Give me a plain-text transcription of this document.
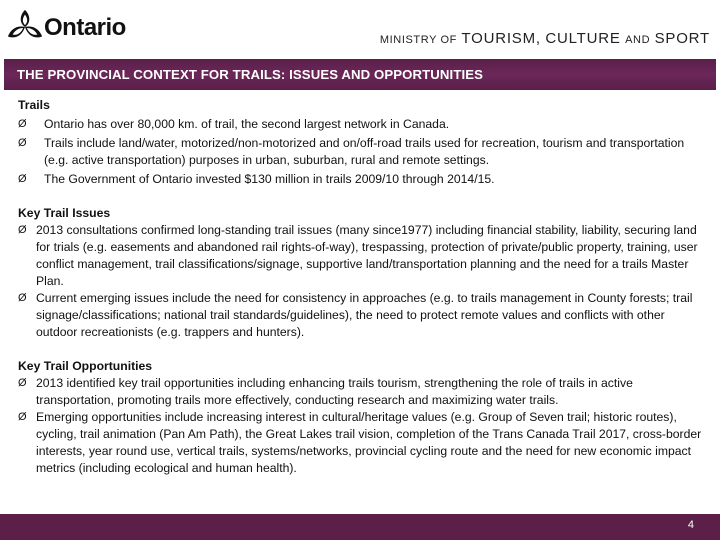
Ontario	MINISTRY OF TOURISM, CULTURE AND SPORT
THE PROVINCIAL CONTEXT FOR TRAILS: ISSUES AND OPPORTUNITIES
Trails
Ø Ontario has over 80,000 km. of trail, the second largest network in Canada.
Ø Trails include land/water, motorized/non-motorized and on/off-road trails used for recreation, tourism and transportation (e.g. active transportation) purposes in urban, suburban, rural and remote settings.
Ø The Government of Ontario invested $130 million in trails 2009/10 through 2014/15.
Key Trail Issues
Ø 2013 consultations confirmed long-standing trail issues (many since1977) including financial stability, liability, securing land for trials (e.g. easements and abandoned rail rights-of-way), trespassing, protection of private/public property, training, user conflict management, trail classifications/signage, supportive land/transportation planning and the need for a trails Master Plan.
Ø Current emerging issues include the need for consistency in approaches (e.g. to trails management in County forests; trail signage/classifications; national trail standards/guidelines), the need to protect remote values and conflicts with other outdoor recreationists (e.g. trappers and hunters).
Key Trail Opportunities
Ø 2013 identified key trail opportunities including enhancing trails tourism, strengthening the role of trails in active transportation, promoting trails more effectively, conducting research and maximizing water trails.
Ø Emerging opportunities include increasing interest in cultural/heritage values (e.g. Group of Seven trail; historic routes), cycling, trail animation (Pan Am Path), the Great Lakes trail vision, completion of the Trans Canada Trail 2017, cross-border interests, year round use, vertical trails, systems/networks, provincial cycling route and the need for new economic impact metrics (including ecological and human health).
4
